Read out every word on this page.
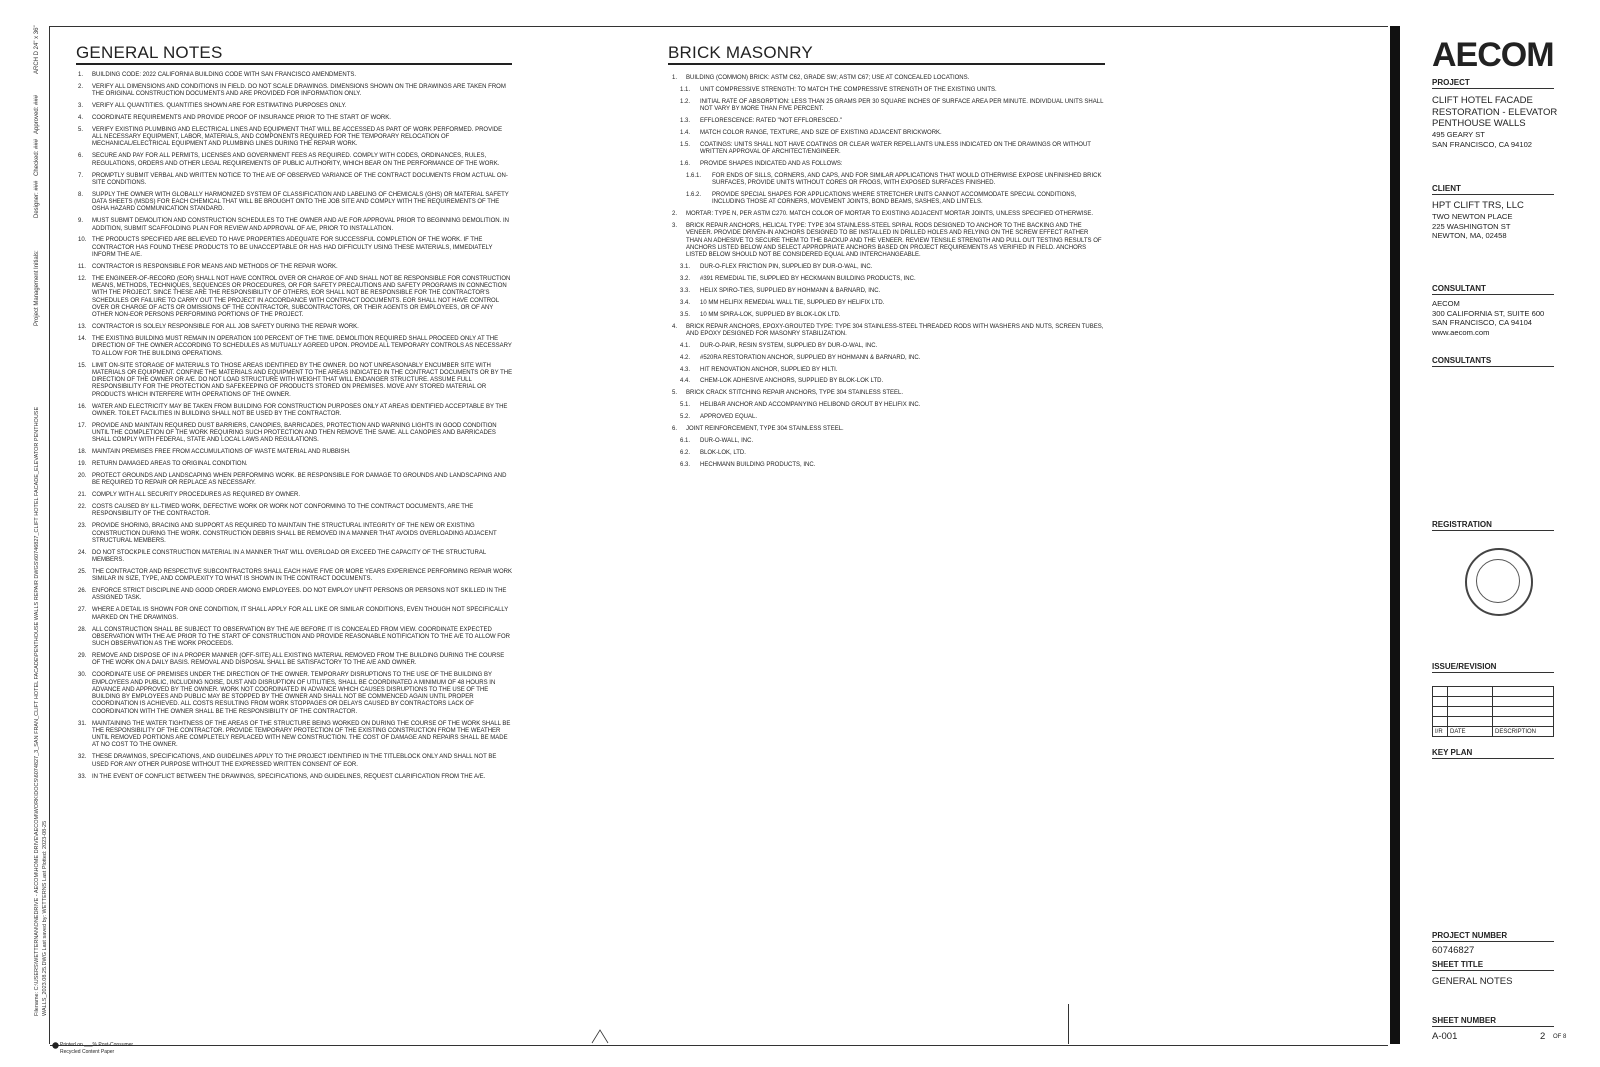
ARCH D 24" x 36"
Approved: ###
Checked: ###
Designer: ###
Project Management Initials:
Filename: C:\USERS\WETTERNAN\ONEDRIVE - AECOM\HOME DRIVE\AECOM\WORK\DOCS\6074827_3_SAN FRAN_CLIFT HOTEL FACADE\PENTHOUSE WALLS REPAIR DWGS\60746827_CLIFT HOTEL FACADE_ELEVATOR PENTHOUSE WALLS_2023.08.25.DWG Last saved by: WETTERNS Last Plotted: 2023-08-25
GENERAL NOTES
1.	BUILDING CODE: 2022 CALIFORNIA BUILDING CODE WITH SAN FRANCISCO AMENDMENTS.
2.	VERIFY ALL DIMENSIONS AND CONDITIONS IN FIELD. DO NOT SCALE DRAWINGS. DIMENSIONS SHOWN ON THE DRAWINGS ARE TAKEN FROM THE ORIGINAL CONSTRUCTION DOCUMENTS AND ARE PROVIDED FOR INFORMATION ONLY.
3.	VERIFY ALL QUANTITIES. QUANTITIES SHOWN ARE FOR ESTIMATING PURPOSES ONLY.
4.	COORDINATE REQUIREMENTS AND PROVIDE PROOF OF INSURANCE PRIOR TO THE START OF WORK.
5.	VERIFY EXISTING PLUMBING AND ELECTRICAL LINES AND EQUIPMENT THAT WILL BE ACCESSED AS PART OF WORK PERFORMED. PROVIDE ALL NECESSARY EQUIPMENT, LABOR, MATERIALS, AND COMPONENTS REQUIRED FOR THE TEMPORARY RELOCATION OF MECHANICAL/ELECTRICAL EQUIPMENT AND PLUMBING LINES DURING THE REPAIR WORK.
6.	SECURE AND PAY FOR ALL PERMITS, LICENSES AND GOVERNMENT FEES AS REQUIRED. COMPLY WITH CODES, ORDINANCES, RULES, REGULATIONS, ORDERS AND OTHER LEGAL REQUIREMENTS OF PUBLIC AUTHORITY, WHICH BEAR ON THE PERFORMANCE OF THE WORK.
7.	PROMPTLY SUBMIT VERBAL AND WRITTEN NOTICE TO THE A/E OF OBSERVED VARIANCE OF THE CONTRACT DOCUMENTS FROM ACTUAL ON-SITE CONDITIONS.
8.	SUPPLY THE OWNER WITH GLOBALLY HARMONIZED SYSTEM OF CLASSIFICATION AND LABELING OF CHEMICALS (GHS) OR MATERIAL SAFETY DATA SHEETS (MSDS) FOR EACH CHEMICAL THAT WILL BE BROUGHT ONTO THE JOB SITE AND COMPLY WITH THE REQUIREMENTS OF THE OSHA HAZARD COMMUNICATION STANDARD.
9.	MUST SUBMIT DEMOLITION AND CONSTRUCTION SCHEDULES TO THE OWNER AND A/E FOR APPROVAL PRIOR TO BEGINNING DEMOLITION. IN ADDITION, SUBMIT SCAFFOLDING PLAN FOR REVIEW AND APPROVAL OF A/E, PRIOR TO INSTALLATION.
10. THE PRODUCTS SPECIFIED ARE BELIEVED TO HAVE PROPERTIES ADEQUATE FOR SUCCESSFUL COMPLETION OF THE WORK. IF THE CONTRACTOR HAS FOUND THESE PRODUCTS TO BE UNACCEPTABLE OR HAS HAD DIFFICULTY USING THESE MATERIALS, IMMEDIATELY INFORM THE A/E.
11.	CONTRACTOR IS RESPONSIBLE FOR MEANS AND METHODS OF THE REPAIR WORK.
12. THE ENGINEER-OF-RECORD (EOR) SHALL NOT HAVE CONTROL OVER OR CHARGE OF AND SHALL NOT BE RESPONSIBLE FOR CONSTRUCTION MEANS, METHODS, TECHNIQUES, SEQUENCES OR PROCEDURES, OR FOR SAFETY PRECAUTIONS AND SAFETY PROGRAMS IN CONNECTION WITH THE PROJECT. SINCE THESE ARE THE RESPONSIBILITY OF OTHERS, EOR SHALL NOT BE RESPONSIBLE FOR THE CONTRACTOR'S SCHEDULES OR FAILURE TO CARRY OUT THE PROJECT IN ACCORDANCE WITH CONTRACT DOCUMENTS. EOR SHALL NOT HAVE CONTROL OVER OR CHARGE OF ACTS OR OMISSIONS OF THE CONTRACTOR, SUBCONTRACTORS, OR THEIR AGENTS OR EMPLOYEES, OR OF ANY OTHER NON-EOR PERSONS PERFORMING PORTIONS OF THE PROJECT.
13. CONTRACTOR IS SOLELY RESPONSIBLE FOR ALL JOB SAFETY DURING THE REPAIR WORK.
14. THE EXISTING BUILDING MUST REMAIN IN OPERATION 100 PERCENT OF THE TIME. DEMOLITION REQUIRED SHALL PROCEED ONLY AT THE DIRECTION OF THE OWNER ACCORDING TO SCHEDULES AS MUTUALLY AGREED UPON. PROVIDE ALL TEMPORARY CONTROLS AS NECESSARY TO ALLOW FOR THE BUILDING OPERATIONS.
15. LIMIT ON-SITE STORAGE OF MATERIALS TO THOSE AREAS IDENTIFIED BY THE OWNER. DO NOT UNREASONABLY ENCUMBER SITE WITH MATERIALS OR EQUIPMENT. CONFINE THE MATERIALS AND EQUIPMENT TO THE AREAS INDICATED IN THE CONTRACT DOCUMENTS OR BY THE DIRECTION OF THE OWNER OR A/E. DO NOT LOAD STRUCTURE WITH WEIGHT THAT WILL ENDANGER STRUCTURE. ASSUME FULL RESPONSIBILITY FOR THE PROTECTION AND SAFEKEEPING OF PRODUCTS STORED ON PREMISES. MOVE ANY STORED MATERIAL OR PRODUCTS WHICH INTERFERE WITH OPERATIONS OF THE OWNER.
16. WATER AND ELECTRICITY MAY BE TAKEN FROM BUILDING FOR CONSTRUCTION PURPOSES ONLY AT AREAS IDENTIFIED ACCEPTABLE BY THE OWNER. TOILET FACILITIES IN BUILDING SHALL NOT BE USED BY THE CONTRACTOR.
17. PROVIDE AND MAINTAIN REQUIRED DUST BARRIERS, CANOPIES, BARRICADES, PROTECTION AND WARNING LIGHTS IN GOOD CONDITION UNTIL THE COMPLETION OF THE WORK REQUIRING SUCH PROTECTION AND THEN REMOVE THE SAME. ALL CANOPIES AND BARRICADES SHALL COMPLY WITH FEDERAL, STATE AND LOCAL LAWS AND REGULATIONS.
18. MAINTAIN PREMISES FREE FROM ACCUMULATIONS OF WASTE MATERIAL AND RUBBISH.
19. RETURN DAMAGED AREAS TO ORIGINAL CONDITION.
20. PROTECT GROUNDS AND LANDSCAPING WHEN PERFORMING WORK. BE RESPONSIBLE FOR DAMAGE TO GROUNDS AND LANDSCAPING AND BE REQUIRED TO REPAIR OR REPLACE AS NECESSARY.
21. COMPLY WITH ALL SECURITY PROCEDURES AS REQUIRED BY OWNER.
22. COSTS CAUSED BY ILL-TIMED WORK, DEFECTIVE WORK OR WORK NOT CONFORMING TO THE CONTRACT DOCUMENTS, ARE THE RESPONSIBILITY OF THE CONTRACTOR.
23. PROVIDE SHORING, BRACING AND SUPPORT AS REQUIRED TO MAINTAIN THE STRUCTURAL INTEGRITY OF THE NEW OR EXISTING CONSTRUCTION DURING THE WORK. CONSTRUCTION DEBRIS SHALL BE REMOVED IN A MANNER THAT AVOIDS OVERLOADING ADJACENT STRUCTURAL MEMBERS.
24. DO NOT STOCKPILE CONSTRUCTION MATERIAL IN A MANNER THAT WILL OVERLOAD OR EXCEED THE CAPACITY OF THE STRUCTURAL MEMBERS.
25. THE CONTRACTOR AND RESPECTIVE SUBCONTRACTORS SHALL EACH HAVE FIVE OR MORE YEARS EXPERIENCE PERFORMING REPAIR WORK SIMILAR IN SIZE, TYPE, AND COMPLEXITY TO WHAT IS SHOWN IN THE CONTRACT DOCUMENTS.
26. ENFORCE STRICT DISCIPLINE AND GOOD ORDER AMONG EMPLOYEES. DO NOT EMPLOY UNFIT PERSONS OR PERSONS NOT SKILLED IN THE ASSIGNED TASK.
27. WHERE A DETAIL IS SHOWN FOR ONE CONDITION, IT SHALL APPLY FOR ALL LIKE OR SIMILAR CONDITIONS, EVEN THOUGH NOT SPECIFICALLY MARKED ON THE DRAWINGS.
28. ALL CONSTRUCTION SHALL BE SUBJECT TO OBSERVATION BY THE A/E BEFORE IT IS CONCEALED FROM VIEW. COORDINATE EXPECTED OBSERVATION WITH THE A/E PRIOR TO THE START OF CONSTRUCTION AND PROVIDE REASONABLE NOTIFICATION TO THE A/E TO ALLOW FOR SUCH OBSERVATION AS THE WORK PROCEEDS.
29. REMOVE AND DISPOSE OF IN A PROPER MANNER (OFF-SITE) ALL EXISTING MATERIAL REMOVED FROM THE BUILDING DURING THE COURSE OF THE WORK ON A DAILY BASIS. REMOVAL AND DISPOSAL SHALL BE SATISFACTORY TO THE A/E AND OWNER.
30. COORDINATE USE OF PREMISES UNDER THE DIRECTION OF THE OWNER. TEMPORARY DISRUPTIONS TO THE USE OF THE BUILDING BY EMPLOYEES AND PUBLIC, INCLUDING NOISE, DUST AND DISRUPTION OF UTILITIES, SHALL BE COORDINATED A MINIMUM OF 48 HOURS IN ADVANCE AND APPROVED BY THE OWNER. WORK NOT COORDINATED IN ADVANCE WHICH CAUSES DISRUPTIONS TO THE USE OF THE BUILDING BY EMPLOYEES AND PUBLIC MAY BE STOPPED BY THE OWNER AND SHALL NOT BE COMMENCED AGAIN UNTIL PROPER COORDINATION IS ACHIEVED. ALL COSTS RESULTING FROM WORK STOPPAGES OR DELAYS CAUSED BY CONTRACTORS LACK OF COORDINATION WITH THE OWNER SHALL BE THE RESPONSIBILITY OF THE CONTRACTOR.
31. MAINTAINING THE WATER TIGHTNESS OF THE AREAS OF THE STRUCTURE BEING WORKED ON DURING THE COURSE OF THE WORK SHALL BE THE RESPONSIBILITY OF THE CONTRACTOR. PROVIDE TEMPORARY PROTECTION OF THE EXISTING CONSTRUCTION FROM THE WEATHER UNTIL REMOVED PORTIONS ARE COMPLETELY REPLACED WITH NEW CONSTRUCTION. THE COST OF DAMAGE AND REPAIRS SHALL BE MADE AT NO COST TO THE OWNER.
32. THESE DRAWINGS, SPECIFICATIONS, AND GUIDELINES APPLY TO THE PROJECT IDENTIFIED IN THE TITLEBLOCK ONLY AND SHALL NOT BE USED FOR ANY OTHER PURPOSE WITHOUT THE EXPRESSED WRITTEN CONSENT OF EOR.
33. IN THE EVENT OF CONFLICT BETWEEN THE DRAWINGS, SPECIFICATIONS, AND GUIDELINES, REQUEST CLARIFICATION FROM THE A/E.
BRICK MASONRY
1.	BUILDING (COMMON) BRICK: ASTM C62, GRADE SW; ASTM C67; USE AT CONCEALED LOCATIONS.
1.1.	UNIT COMPRESSIVE STRENGTH: TO MATCH THE COMPRESSIVE STRENGTH OF THE EXISTING UNITS.
1.2.	INITIAL RATE OF ABSORPTION: LESS THAN 25 GRAMS PER 30 SQUARE INCHES OF SURFACE AREA PER MINUTE. INDIVIDUAL UNITS SHALL NOT VARY BY MORE THAN FIVE PERCENT.
1.3.	EFFLORESCENCE: RATED "NOT EFFLORESCED."
1.4.	MATCH COLOR RANGE, TEXTURE, AND SIZE OF EXISTING ADJACENT BRICKWORK.
1.5.	COATINGS: UNITS SHALL NOT HAVE COATINGS OR CLEAR WATER REPELLANTS UNLESS INDICATED ON THE DRAWINGS OR WITHOUT WRITTEN APPROVAL OF ARCHITECT/ENGINEER.
1.6.	PROVIDE SHAPES INDICATED AND AS FOLLOWS:
1.6.1.	FOR ENDS OF SILLS, CORNERS, AND CAPS, AND FOR SIMILAR APPLICATIONS THAT WOULD OTHERWISE EXPOSE UNFINISHED BRICK SURFACES, PROVIDE UNITS WITHOUT CORES OR FROGS, WITH EXPOSED SURFACES FINISHED.
1.6.2.	PROVIDE SPECIAL SHAPES FOR APPLICATIONS WHERE STRETCHER UNITS CANNOT ACCOMMODATE SPECIAL CONDITIONS, INCLUDING THOSE AT CORNERS, MOVEMENT JOINTS, BOND BEAMS, SASHES, AND LINTELS.
2.	MORTAR: TYPE N, PER ASTM C270. MATCH COLOR OF MORTAR TO EXISTING ADJACENT MORTAR JOINTS, UNLESS SPECIFIED OTHERWISE.
3.	BRICK REPAIR ANCHORS, HELICAL TYPE: TYPE 304 STAINLESS-STEEL SPIRAL RODS DESIGNED TO ANCHOR TO THE BACKING AND THE VENEER. PROVIDE DRIVEN-IN ANCHORS DESIGNED TO BE INSTALLED IN DRILLED HOLES AND RELYING ON THE SCREW EFFECT RATHER THAN AN ADHESIVE TO SECURE THEM TO THE BACKUP AND THE VENEER. REVIEW TENSILE STRENGTH AND PULL OUT TESTING RESULTS OF ANCHORS LISTED BELOW AND SELECT APPROPRIATE ANCHORS BASED ON PROJECT REQUIREMENTS AS VERIFIED IN FIELD. ANCHORS LISTED BELOW SHOULD NOT BE CONSIDERED EQUAL AND INTERCHANGEABLE.
3.1.	DUR-O-FLEX FRICTION PIN, SUPPLIED BY DUR-O-WAL, INC.
3.2.	#391 REMEDIAL TIE, SUPPLIED BY HECKMANN BUILDING PRODUCTS, INC.
3.3.	HELIX SPIRO-TIES, SUPPLIED BY HOHMANN & BARNARD, INC.
3.4.	10 MM HELIFIX REMEDIAL WALL TIE, SUPPLIED BY HELIFIX LTD.
3.5.	10 MM SPIRA-LOK, SUPPLIED BY BLOK-LOK LTD.
4.	BRICK REPAIR ANCHORS, EPOXY-GROUTED TYPE: TYPE 304 STAINLESS-STEEL THREADED RODS WITH WASHERS AND NUTS, SCREEN TUBES, AND EPOXY DESIGNED FOR MASONRY STABILIZATION.
4.1.	DUR-O-PAIR, RESIN SYSTEM, SUPPLIED BY DUR-O-WAL, INC.
4.2.	#520RA RESTORATION ANCHOR, SUPPLIED BY HOHMANN & BARNARD, INC.
4.3.	HIT RENOVATION ANCHOR, SUPPLIED BY HILTI.
4.4.	CHEM-LOK ADHESIVE ANCHORS, SUPPLIED BY BLOK-LOK LTD.
5.	BRICK CRACK STITCHING REPAIR ANCHORS, TYPE 304 STAINLESS STEEL.
5.1.	HELIBAR ANCHOR AND ACCOMPANYING HELIBOND GROUT BY HELIFIX INC.
5.2.	APPROVED EQUAL.
6.	JOINT REINFORCEMENT, TYPE 304 STAINLESS STEEL.
6.1.	DUR-O-WALL, INC.
6.2.	BLOK-LOK, LTD.
6.3.	HECHMANN BUILDING PRODUCTS, INC.
AECOM
PROJECT
CLIFT HOTEL FACADE
RESTORATION - ELEVATOR
PENTHOUSE WALLS
495 GEARY ST
SAN FRANCISCO, CA 94102
CLIENT
HPT CLIFT TRS, LLC
TWO NEWTON PLACE
225 WASHINGTON ST
NEWTON, MA, 02458
CONSULTANT
AECOM
300 CALIFORNIA ST, SUITE 600
SAN FRANCISCO, CA 94104
www.aecom.com
CONSULTANTS
REGISTRATION
ISSUE/REVISION

I/R	DATE	DESCRIPTION
KEY PLAN
PROJECT NUMBER
60746827
SHEET TITLE
GENERAL NOTES
SHEET NUMBER
A-001	2 OF 8
Printed on ___% Post-Consumer
Recycled Content Paper
